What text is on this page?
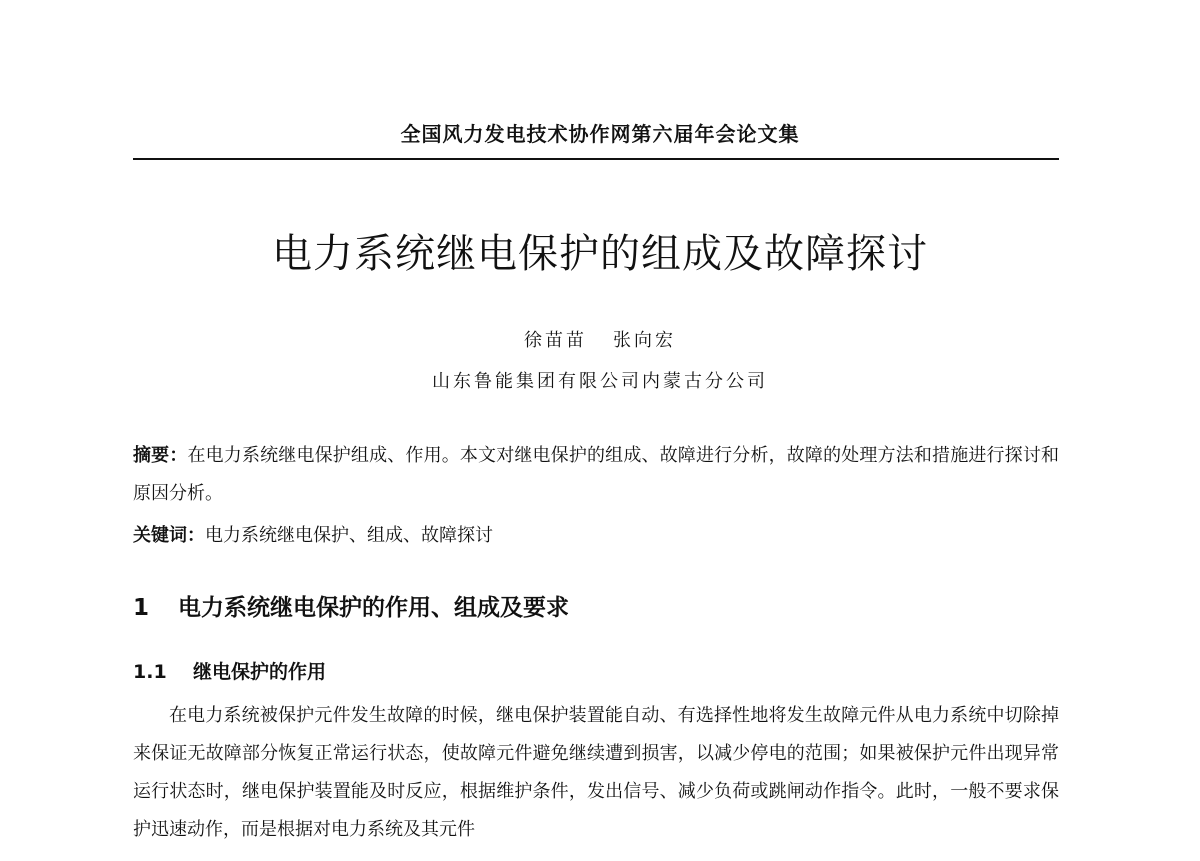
全国风力发电技术协作网第六届年会论文集
电力系统继电保护的组成及故障探讨
徐苗苗 张向宏
山东鲁能集团有限公司内蒙古分公司
摘要：在电力系统继电保护组成、作用。本文对继电保护的组成、故障进行分析，故障的处理方法和措施进行探讨和原因分析。
关键词：电力系统继电保护、组成、故障探讨
1 电力系统继电保护的作用、组成及要求
1.1 继电保护的作用
在电力系统被保护元件发生故障的时候，继电保护装置能自动、有选择性地将发生故障元件从电力系统中切除掉来保证无故障部分恢复正常运行状态，使故障元件避免继续遭到损害，以减少停电的范围；如果被保护元件出现异常运行状态时，继电保护装置能及时反应，根据维护条件，发出信号、减少负荷或跳闸动作指令。此时，一般不要求保护迅速动作，而是根据对电力系统及其元件
